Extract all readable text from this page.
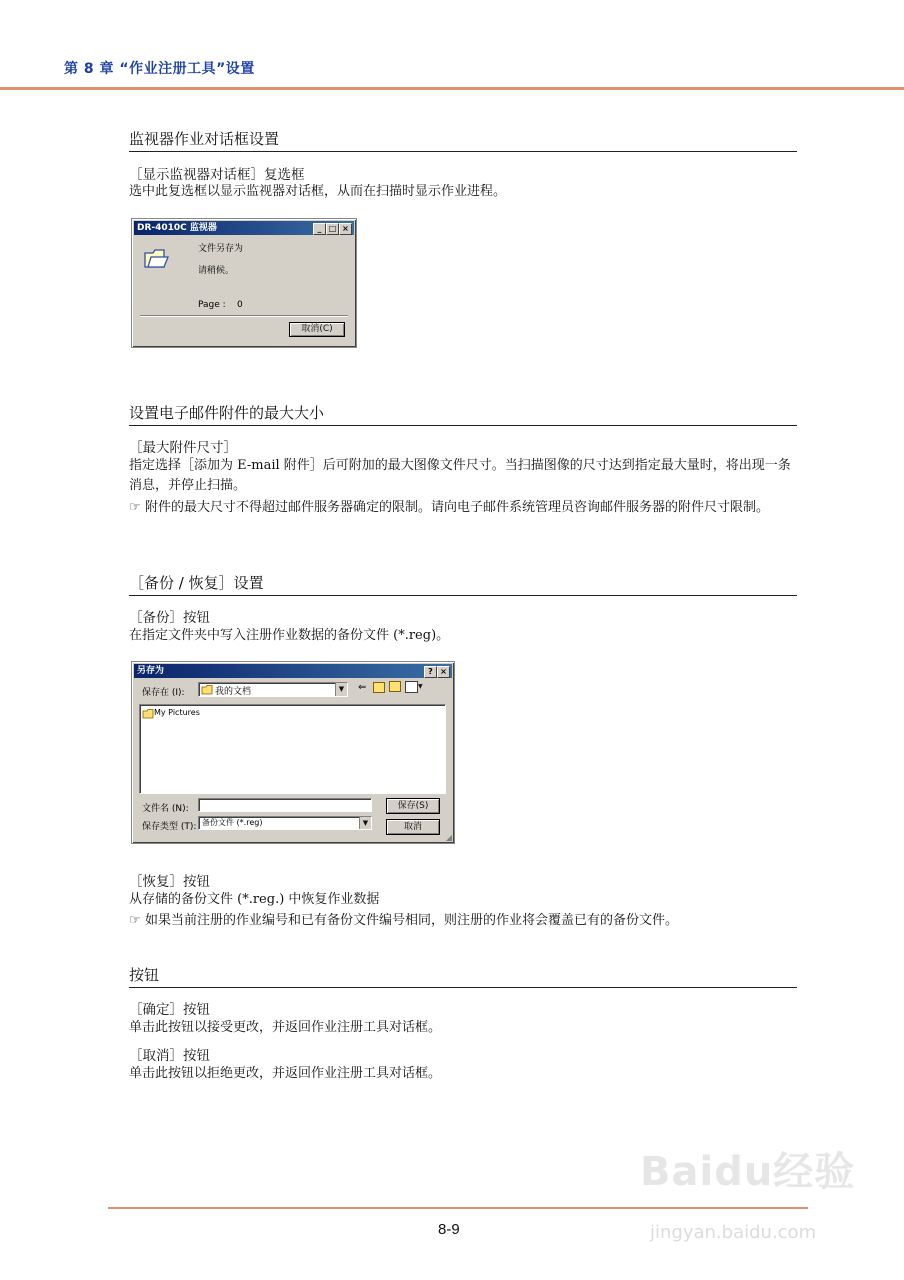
第 8 章 “作业注册工具”设置
监视器作业对话框设置
［显示监视器对话框］复选框
选中此复选框以显示监视器对话框，从而在扫描时显示作业进程。
DR-4010C 监视器	_ □ ×
文件另存为
请稍候。
Page : 0
取消(C)
设置电子邮件附件的最大大小
［最大附件尺寸］
指定选择［添加为 E-mail 附件］后可附加的最大图像文件尺寸。当扫描图像的尺寸达到指定最大量时，将出现一条消息，并停止扫描。
☞ 附件的最大尺寸不得超过邮件服务器确定的限制。请向电子邮件系统管理员咨询邮件服务器的附件尺寸限制。
［备份 / 恢复］设置
［备份］按钮
在指定文件夹中写入注册作业数据的备份文件 (*.reg)。
另存为	? ×
保存在 (I):	我的文档	▼ ⇐	▼
My Pictures
文件名 (N):
保存类型 (T): 备份文件 (*.reg)	▼
保存(S)
取消
◢
［恢复］按钮
从存储的备份文件 (*.reg.) 中恢复作业数据
☞ 如果当前注册的作业编号和已有备份文件编号相同，则注册的作业将会覆盖已有的备份文件。
按钮
［确定］按钮
单击此按钮以接受更改，并返回作业注册工具对话框。
［取消］按钮
单击此按钮以拒绝更改，并返回作业注册工具对话框。
Baidu经验
jingyan.baidu.com
8-9
